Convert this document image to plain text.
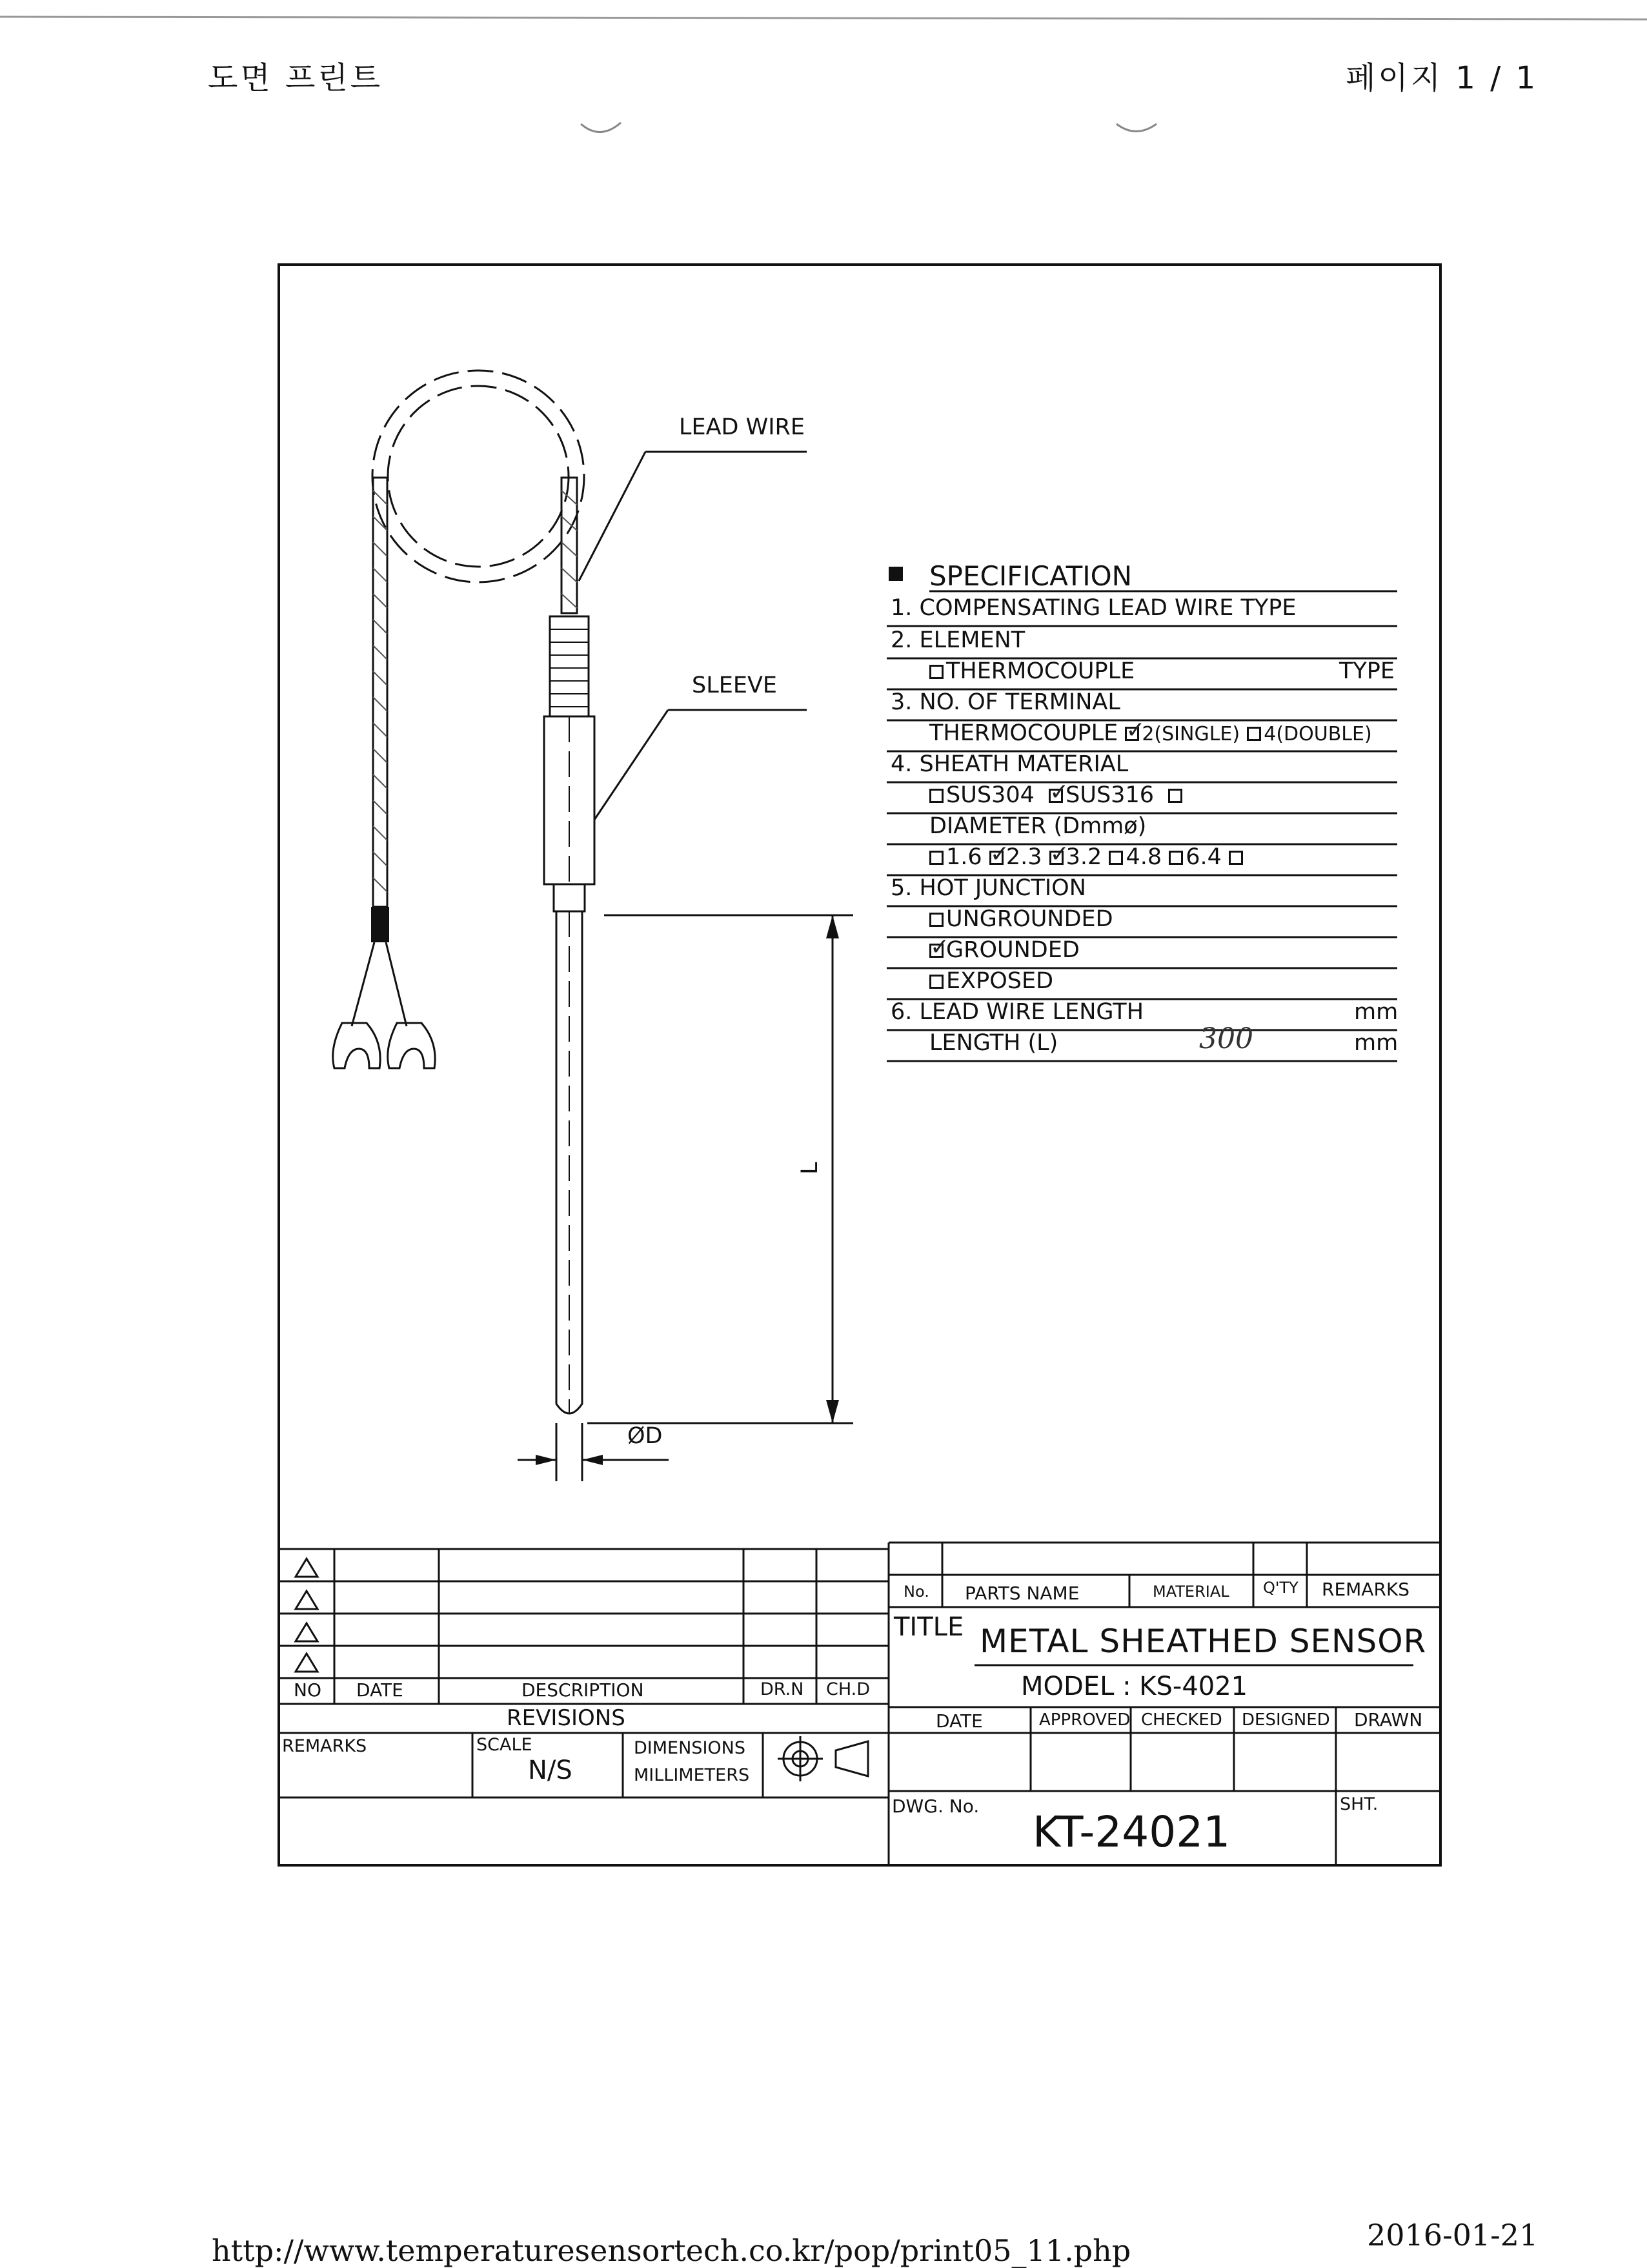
도면 프린트	페이지 1 / 1
LEAD WIRE
SLEEVE
L
ØD
SPECIFICATION
1. COMPENSATING LEAD WIRE TYPE
2. ELEMENT
THERMOCOUPLE	TYPE
3. NO. OF TERMINAL
THERMOCOUPLE ✓ 2(SINGLE) 4(DOUBLE)
4. SHEATH MATERIAL
SUS304 ✓ SUS316
DIAMETER (Dmmø)
1.6 ✓ 2.3 ✓ 3.2 4.8 6.4
5. HOT JUNCTION
UNGROUNDED
✓GROUNDED
EXPOSED
6. LEAD WIRE LENGTH	mm
LENGTH (L)	300	mm
NO DATE	DESCRIPTION	DR.N CH.D
REVISIONS
REMARKS	SCALE
N/S
DIMENSIONS
MILLIMETERS
No. PARTS NAME	MATERIAL Q'TY REMARKS
TITLE METAL SHEATHED SENSOR
MODEL : KS-4021
DATE	APPROVED CHECKED DESIGNED DRAWN
DWG. No.
KT-24021
SHT.
http://www.temperaturesensortech.co.kr/pop/print05_11.php	2016-01-21
